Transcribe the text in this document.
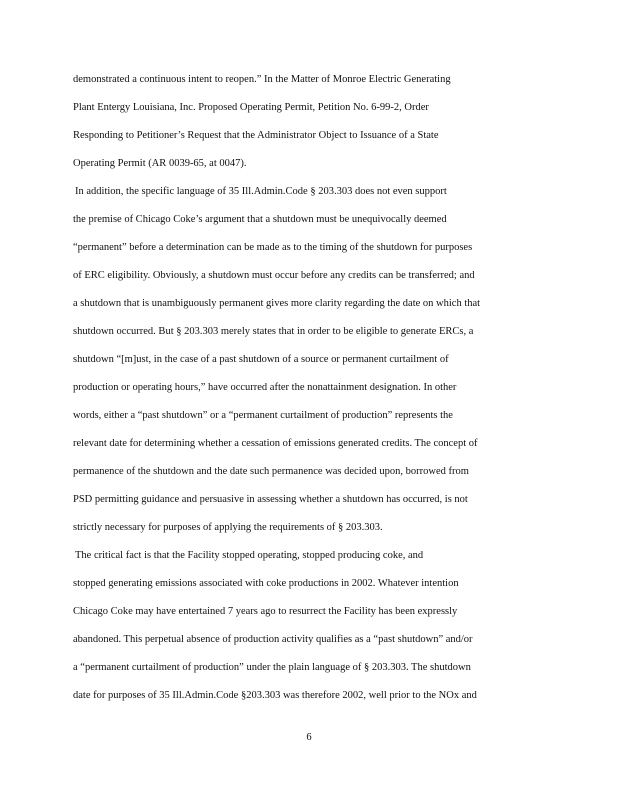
demonstrated a continuous intent to reopen.” In the Matter of Monroe Electric Generating
Plant Entergy Louisiana, Inc. Proposed Operating Permit, Petition No. 6-99-2, Order
Responding to Petitioner’s Request that the Administrator Object to Issuance of a State
Operating Permit (AR 0039-65, at 0047).
In addition, the specific language of 35 Ill.Admin.Code § 203.303 does not even support
the premise of Chicago Coke’s argument that a shutdown must be unequivocally deemed
“permanent” before a determination can be made as to the timing of the shutdown for purposes
of ERC eligibility. Obviously, a shutdown must occur before any credits can be transferred; and
a shutdown that is unambiguously permanent gives more clarity regarding the date on which that
shutdown occurred. But § 203.303 merely states that in order to be eligible to generate ERCs, a
shutdown “[m]ust, in the case of a past shutdown of a source or permanent curtailment of
production or operating hours,” have occurred after the nonattainment designation. In other
words, either a “past shutdown” or a “permanent curtailment of production” represents the
relevant date for determining whether a cessation of emissions generated credits. The concept of
permanence of the shutdown and the date such permanence was decided upon, borrowed from
PSD permitting guidance and persuasive in assessing whether a shutdown has occurred, is not
strictly necessary for purposes of applying the requirements of § 203.303.
The critical fact is that the Facility stopped operating, stopped producing coke, and
stopped generating emissions associated with coke productions in 2002. Whatever intention
Chicago Coke may have entertained 7 years ago to resurrect the Facility has been expressly
abandoned. This perpetual absence of production activity qualifies as a “past shutdown” and/or
a “permanent curtailment of production” under the plain language of § 203.303. The shutdown
date for purposes of 35 Ill.Admin.Code §203.303 was therefore 2002, well prior to the NOx and
6
